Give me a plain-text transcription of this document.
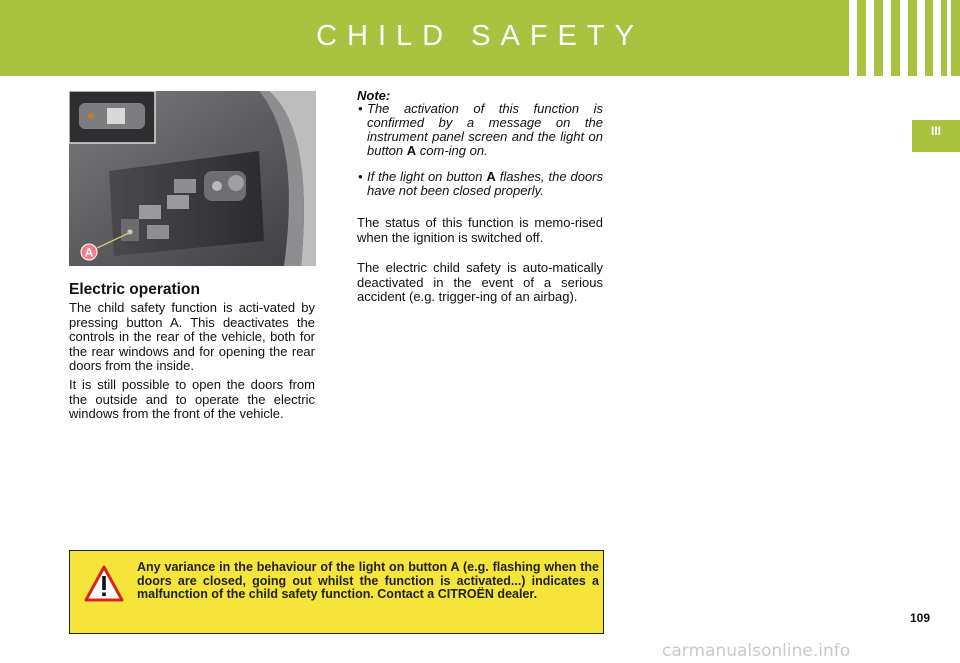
CHILD SAFETY
III
A
Electric operation

The child safety function is acti-vated by pressing button A. This deactivates the controls in the rear of the vehicle, both for the rear windows and for opening the rear doors from the inside.

It is still possible to open the doors from the outside and to operate the electric windows from the front of the vehicle.

Note:

• The activation of this function is confirmed by a message on the instrument panel screen and the light on button A com-ing on.

• If the light on button A flashes, the doors have not been closed properly.

The status of this function is memo-rised when the ignition is switched off.

The electric child safety is auto-matically deactivated in the event of a serious accident (e.g. trigger-ing of an airbag).

Any variance in the behaviour of the light on button A (e.g. flashing when the doors are closed, going out whilst the function is activated...) indicates a malfunction of the child safety function. Contact a CITROËN dealer.

109
carmanualsonline.info
